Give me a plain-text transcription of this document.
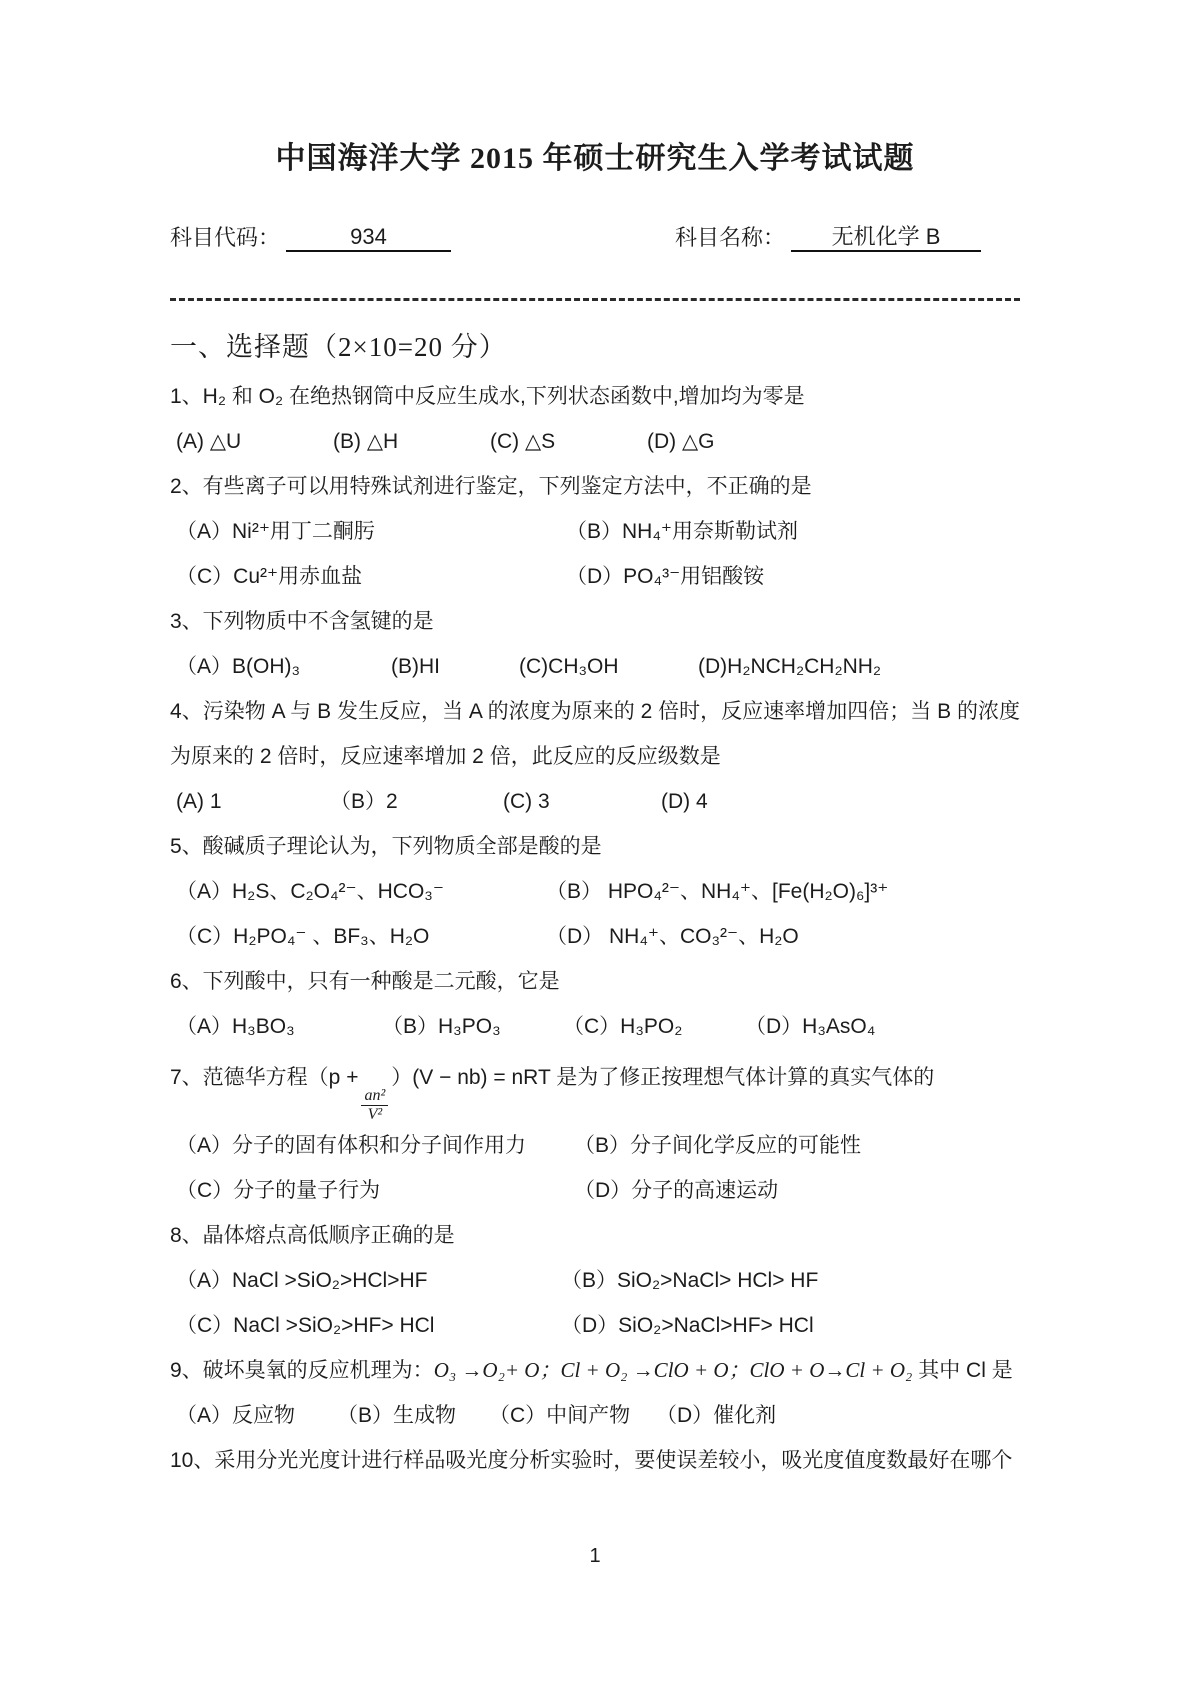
中国海洋大学 2015 年硕士研究生入学考试试题
科目代码：	934	科目名称：	无机化学 B
一、选择题（2×10=20 分）

1、H₂ 和 O₂ 在绝热钢筒中反应生成水,下列状态函数中,增加均为零是

(A) △U	(B) △H	(C) △S	(D) △G

2、有些离子可以用特殊试剂进行鉴定，下列鉴定方法中，不正确的是

（A）Ni²⁺用丁二酮肟	（B）NH₄⁺用奈斯勒试剂
（C）Cu²⁺用赤血盐	（D）PO₄³⁻用铝酸铵

3、下列物质中不含氢键的是

（A）B(OH)₃	(B)HI	(C)CH₃OH	(D)H₂NCH₂CH₂NH₂

4、污染物 A 与 B 发生反应，当 A 的浓度为原来的 2 倍时，反应速率增加四倍；当 B 的浓度为原来的 2 倍时，反应速率增加 2 倍，此反应的反应级数是

(A) 1	（B）2	(C) 3	(D) 4

5、酸碱质子理论认为，下列物质全部是酸的是

（A）H₂S、C₂O₄²⁻、HCO₃⁻	（B） HPO₄²⁻、NH₄⁺、[Fe(H₂O)₆]³⁺
（C）H₂PO₄⁻ 、BF₃、H₂O	（D） NH₄⁺、CO₃²⁻、H₂O

6、下列酸中，只有一种酸是二元酸，它是

（A）H₃BO₃	（B）H₃PO₃	（C）H₃PO₂	（D）H₃AsO₄

7、范德华方程（p +
$\frac{\text{an²}}{\text{V²}}$
）(V − nb) = nRT 是为了修正按理想气体计算的真实气体的

（A）分子的固有体积和分子间作用力	（B）分子间化学反应的可能性
（C）分子的量子行为	（D）分子的高速运动

8、晶体熔点高低顺序正确的是

（A）NaCl >SiO₂>HCl>HF	（B）SiO₂>NaCl> HCl> HF
（C）NaCl >SiO₂>HF> HCl	（D）SiO₂>NaCl>HF> HCl

9、破坏臭氧的反应机理为：O₃ →O₂+ O；Cl + O₂ →ClO + O；ClO + O→Cl + O₂ 其中 Cl 是

（A）反应物	（B）生成物	（C）中间产物	（D）催化剂

10、采用分光光度计进行样品吸光度分析实验时，要使误差较小，吸光度值度数最好在哪个

1
